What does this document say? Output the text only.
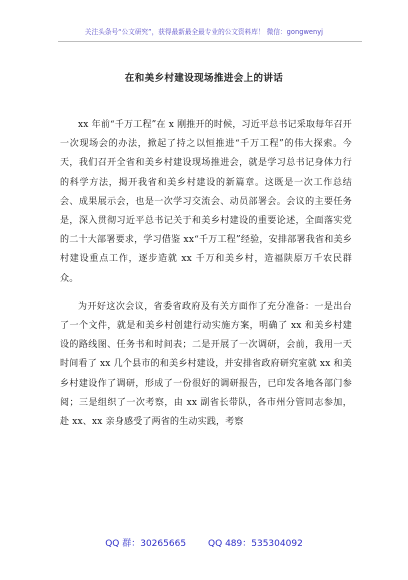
关注头条号“公文研究”，获得最新最全最专业的公文资料库！ 微信：gongwenyj
在和美乡村建设现场推进会上的讲话

xx 年前“千万工程”在 x 刚推开的时候，习近平总书记采取每年召开一次现场会的办法，掀起了持之以恒推进“千万工程”的伟大探索。今天，我们召开全省和美乡村建设现场推进会，就是学习总书记身体力行的科学方法，揭开我省和美乡村建设的新篇章。这既是一次工作总结会、成果展示会，也是一次学习交流会、动员部署会。会议的主要任务是，深入贯彻习近平总书记关于和美乡村建设的重要论述，全面落实党的二十大部署要求，学习借鉴 xx“千万工程”经验，安排部署我省和美乡村建设重点工作，逐步造就 xx 千万和美乡村，造福陕原万千农民群众。

为开好这次会议，省委省政府及有关方面作了充分准备：一是出台了一个文件，就是和美乡村创建行动实施方案，明确了 xx 和美乡村建设的路线图、任务书和时间表；二是开展了一次调研，会前，我用一天时间看了 xx 几个县市的和美乡村建设，并安排省政府研究室就 xx 和美乡村建设作了调研，形成了一份很好的调研报告，已印发各地各部门参阅；三是组织了一次考察，由 xx 副省长带队，各市州分管同志参加，赴 xx、xx 亲身感受了两省的生动实践，考察

QQ 群：30265665 QQ 489：535304092
